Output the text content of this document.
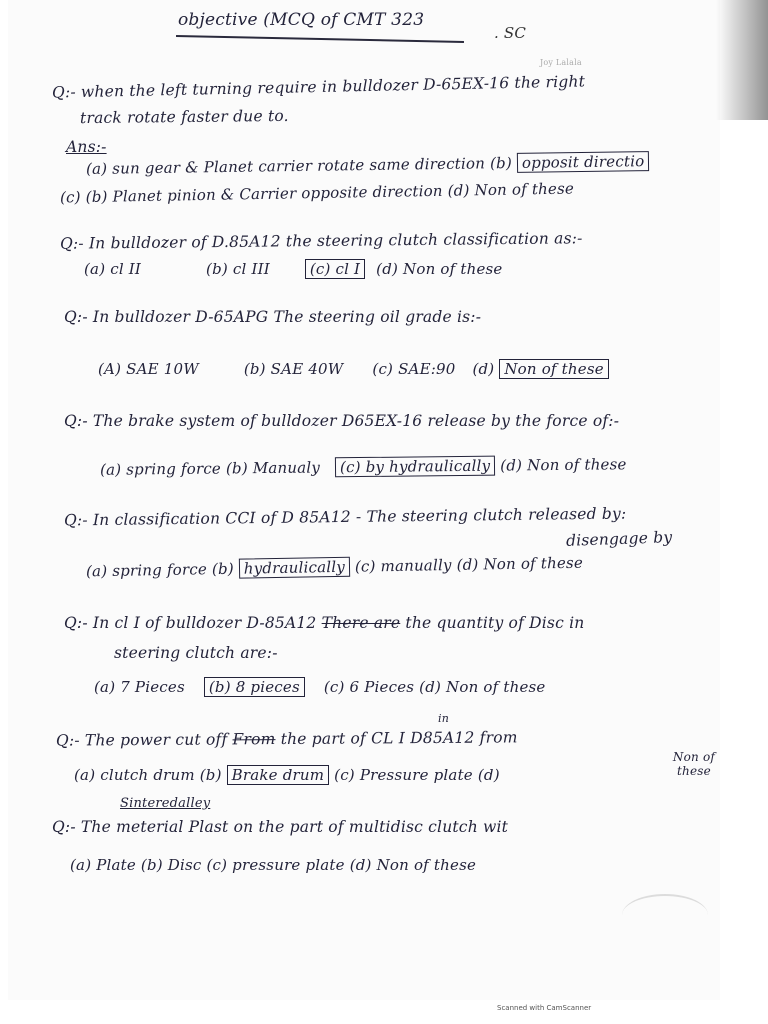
objective (MCQ of CMT 323
. SC
Joy Lalala
Q:- when the left turning require in bulldozer D-65EX-16 the right
track rotate faster due to.
Ans:-
(a) sun gear & Planet carrier rotate same direction (b) opposit directio
(c) (b) Planet pinion & Carrier opposite direction (d) Non of these
Q:- In bulldozer of D.85A12 the steering clutch classification as:-
(a) cl II	(b) cl III	(c) cl I (d) Non of these
Q:- In bulldozer D-65APG The steering oil grade is:-
(A) SAE 10W	(b) SAE 40W (c) SAE:90 (d) Non of these
Q:- The brake system of bulldozer D65EX-16 release by the force of:-
(a) spring force (b) Manualy (c) by hydraulically (d) Non of these
Q:- In classification CCI of D 85A12 - The steering clutch released by:
disengage by
(a) spring force (b) hydraulically (c) manually (d) Non of these
Q:- In cl I of bulldozer D-85A12 There are the quantity of Disc in
steering clutch are:-
(a) 7 Pieces (b) 8 pieces (c) 6 Pieces (d) Non of these
in
Q:- The power cut off From the part of CL I D85A12 from
(a) clutch drum (b) Brake drum (c) Pressure plate (d)
Non of these
Sinteredalley
Q:- The meterial Plast on the part of multidisc clutch wit
(a) Plate (b) Disc (c) pressure plate (d) Non of these
Scanned with CamScanner
